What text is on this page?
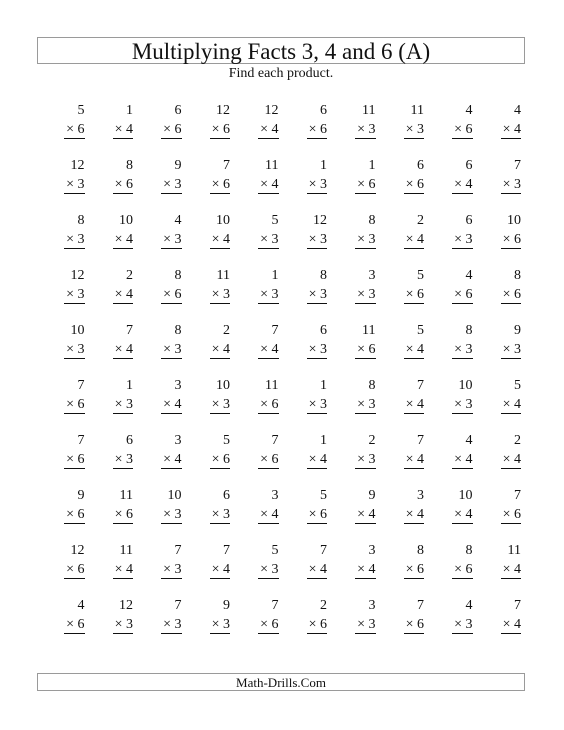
Multiplying Facts 3, 4 and 6 (A)
Find each product.
5
× 6
1
× 4
6
× 6
12
× 6
12
× 4
6
× 6
11
× 3
11
× 3
4
× 6
4
× 4
12
× 3
8
× 6
9
× 3
7
× 6
11
× 4
1
× 3
1
× 6
6
× 6
6
× 4
7
× 3
8
× 3
10
× 4
4
× 3
10
× 4
5
× 3
12
× 3
8
× 3
2
× 4
6
× 3
10
× 6
12
× 3
2
× 4
8
× 6
11
× 3
1
× 3
8
× 3
3
× 3
5
× 6
4
× 6
8
× 6
10
× 3
7
× 4
8
× 3
2
× 4
7
× 4
6
× 3
11
× 6
5
× 4
8
× 3
9
× 3
7
× 6
1
× 3
3
× 4
10
× 3
11
× 6
1
× 3
8
× 3
7
× 4
10
× 3
5
× 4
7
× 6
6
× 3
3
× 4
5
× 6
7
× 6
1
× 4
2
× 3
7
× 4
4
× 4
2
× 4
9
× 6
11
× 6
10
× 3
6
× 3
3
× 4
5
× 6
9
× 4
3
× 4
10
× 4
7
× 6
12
× 6
11
× 4
7
× 3
7
× 4
5
× 3
7
× 4
3
× 4
8
× 6
8
× 6
11
× 4
4
× 6
12
× 3
7
× 3
9
× 3
7
× 6
2
× 6
3
× 3
7
× 6
4
× 3
7
× 4
Math-Drills.Com
